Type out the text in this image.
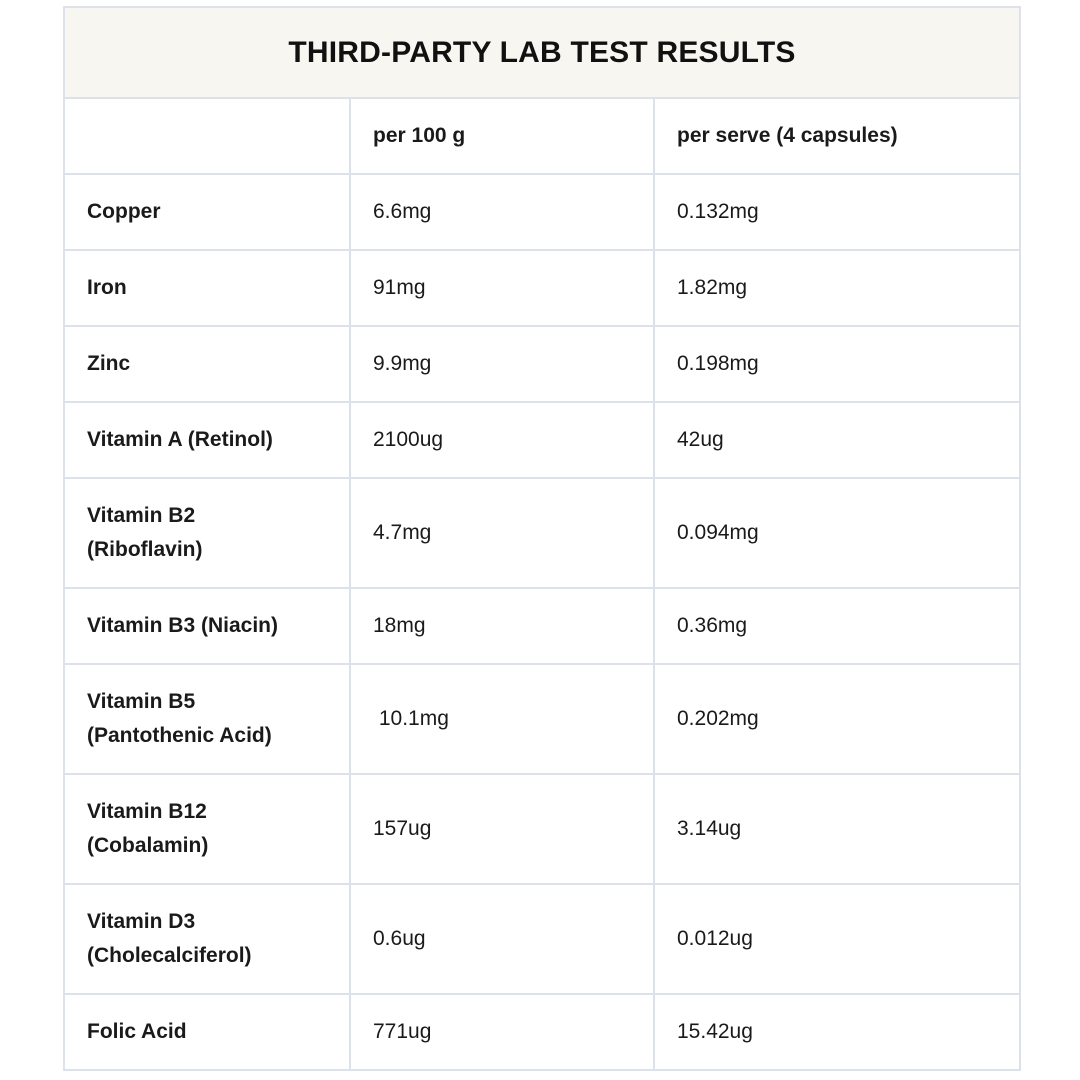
THIRD-PARTY LAB TEST RESULTS		
	per 100 g	per serve (4 capsules)
Copper	6.6mg	0.132mg
Iron	91mg	1.82mg
Zinc	9.9mg	0.198mg
Vitamin A (Retinol)	2100ug	42ug
Vitamin B2
(Riboflavin)	4.7mg	0.094mg
Vitamin B3 (Niacin)	18mg	0.36mg
Vitamin B5
(Pantothenic Acid)	10.1mg	0.202mg
Vitamin B12
(Cobalamin)	157ug	3.14ug
Vitamin D3
(Cholecalciferol)	0.6ug	0.012ug
Folic Acid	771ug	15.42ug
